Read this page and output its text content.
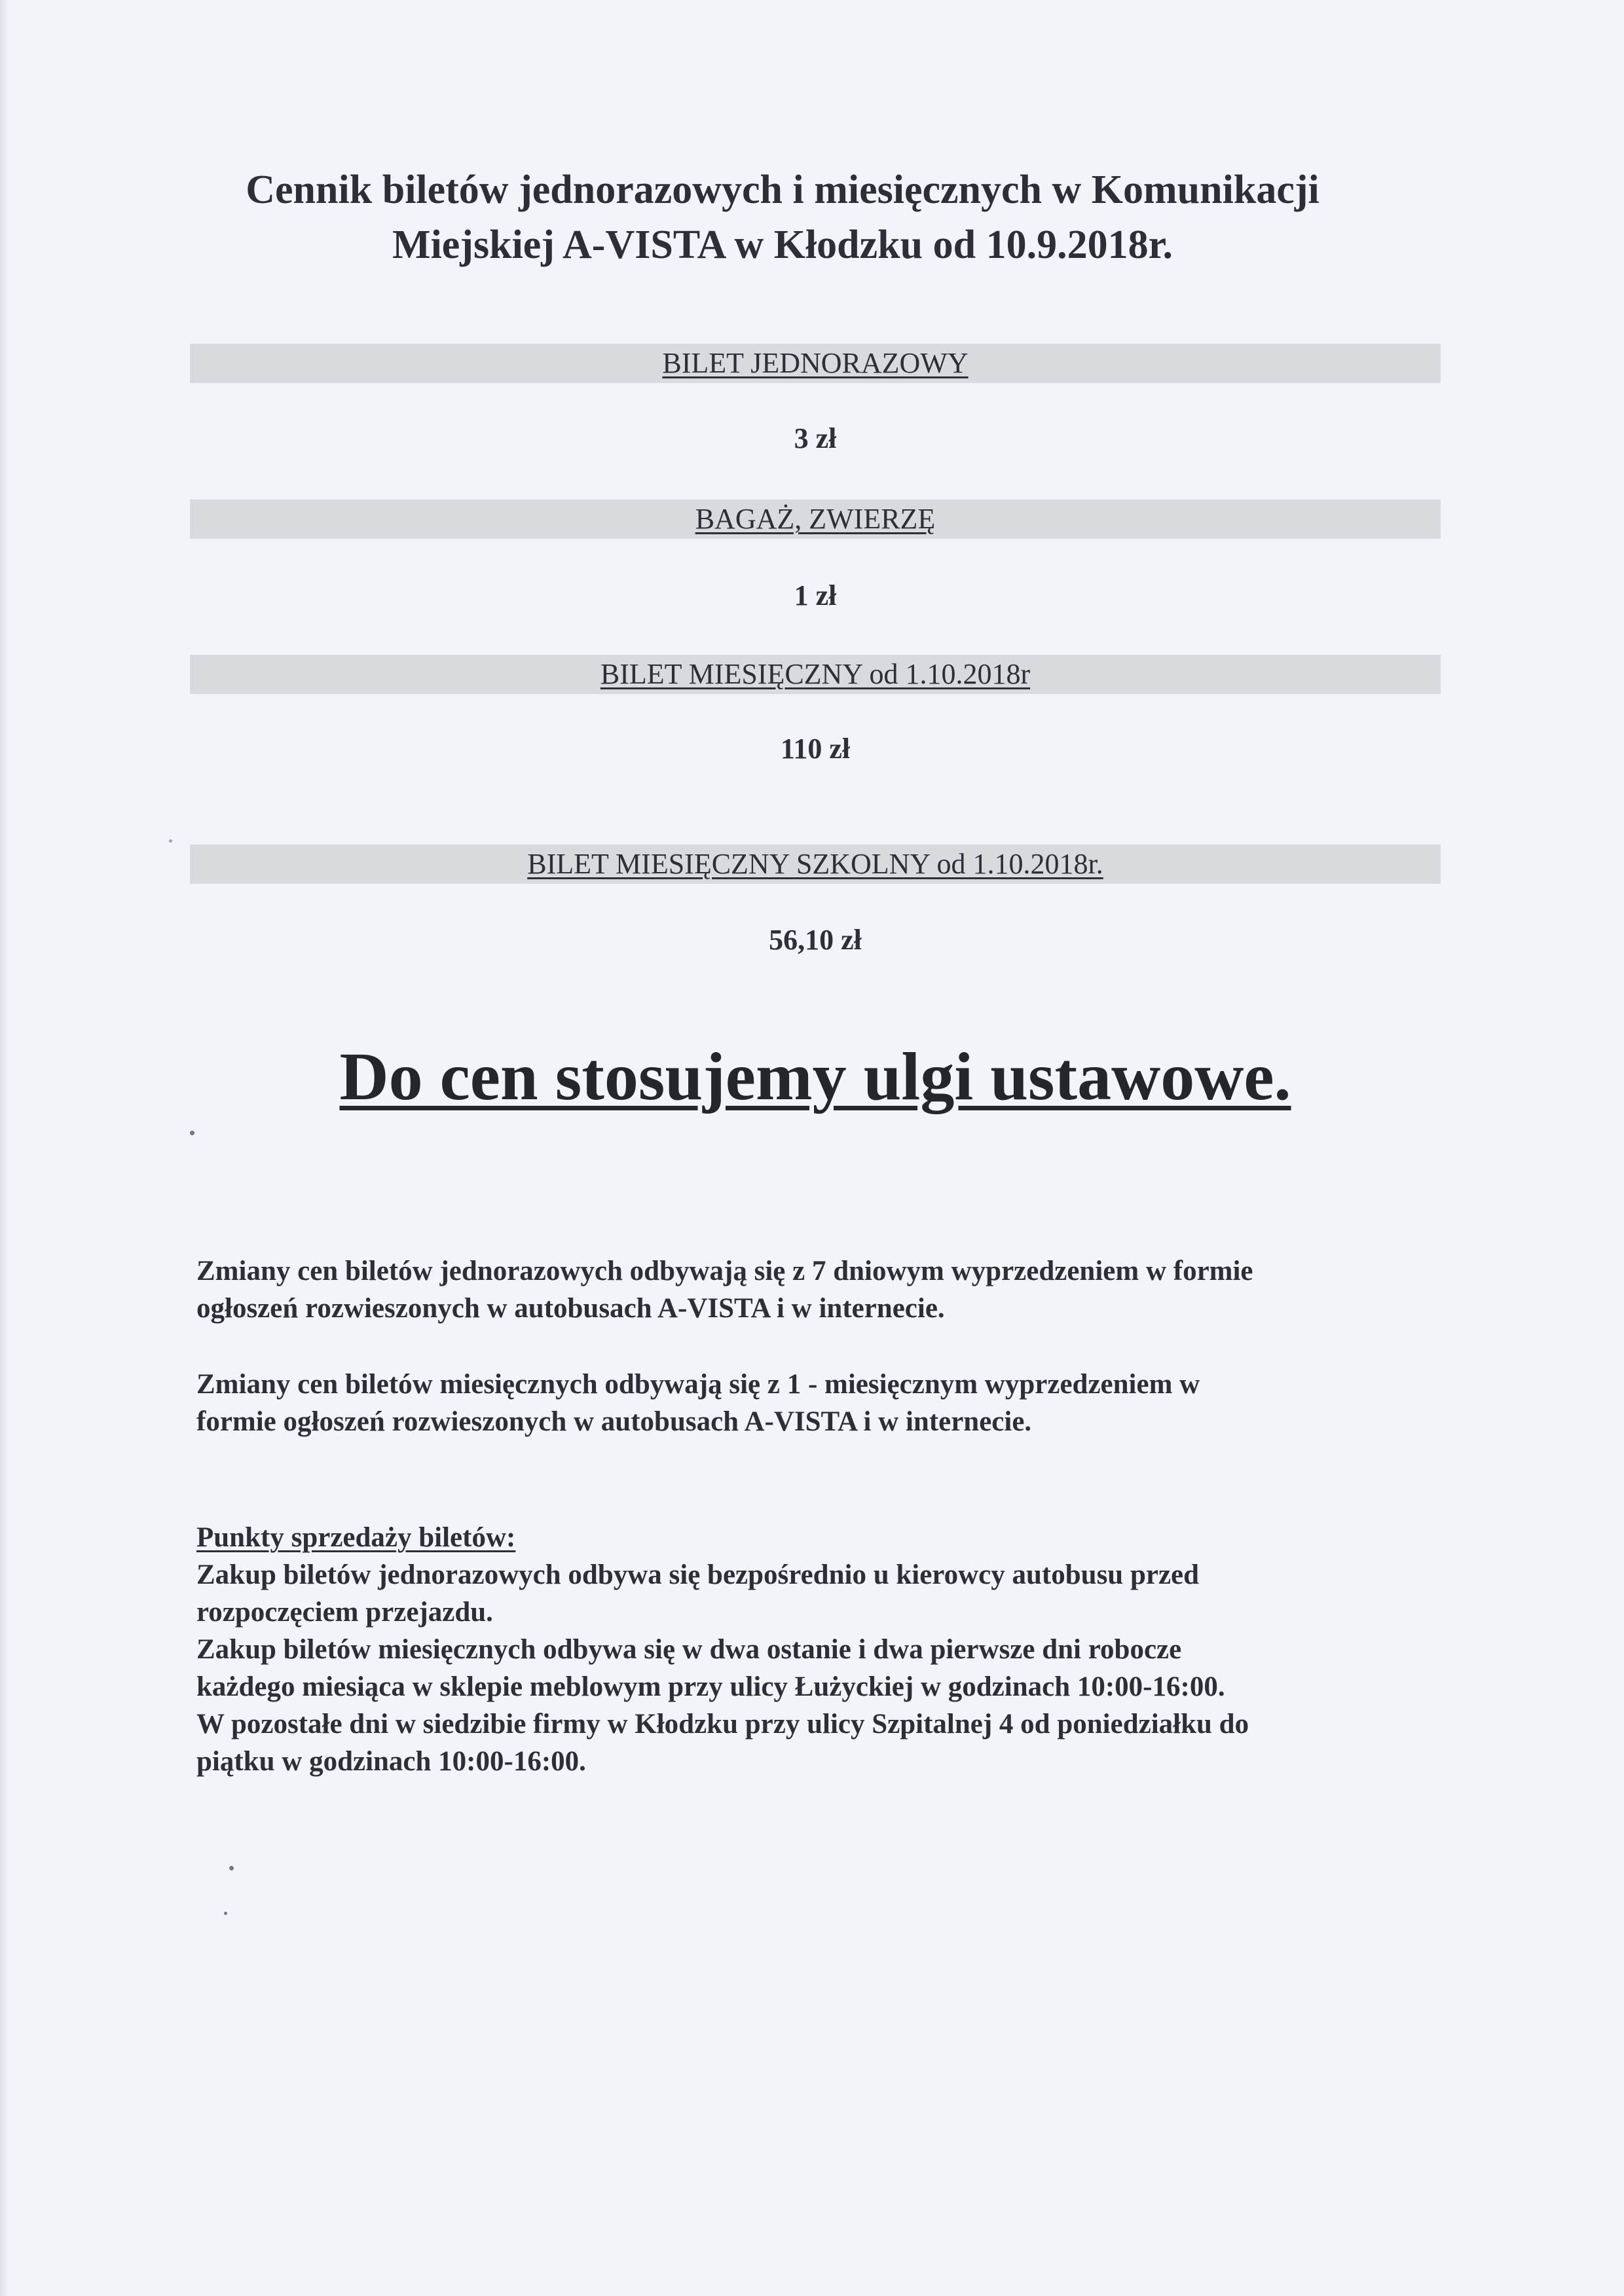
Cennik biletów jednorazowych i miesięcznych w Komunikacji
Miejskiej A-VISTA w Kłodzku od 10.9.2018r.
BILET JEDNORAZOWY
3 zł
BAGAŻ, ZWIERZĘ
1 zł
BILET MIESIĘCZNY od 1.10.2018r
110 zł
BILET MIESIĘCZNY SZKOLNY od 1.10.2018r.
56,10 zł
Do cen stosujemy ulgi ustawowe.
Zmiany cen biletów jednorazowych odbywają się z 7 dniowym wyprzedzeniem w formie
ogłoszeń rozwieszonych w autobusach A-VISTA i w internecie.
Zmiany cen biletów miesięcznych odbywają się z 1 - miesięcznym wyprzedzeniem w
formie ogłoszeń rozwieszonych w autobusach A-VISTA i w internecie.
Punkty sprzedaży biletów:
Zakup biletów jednorazowych odbywa się bezpośrednio u kierowcy autobusu przed
rozpoczęciem przejazdu.
Zakup biletów miesięcznych odbywa się w dwa ostanie i dwa pierwsze dni robocze
każdego miesiąca w sklepie meblowym przy ulicy Łużyckiej w godzinach 10:00-16:00.
W pozostałe dni w siedzibie firmy w Kłodzku przy ulicy Szpitalnej 4 od poniedziałku do
piątku w godzinach 10:00-16:00.
